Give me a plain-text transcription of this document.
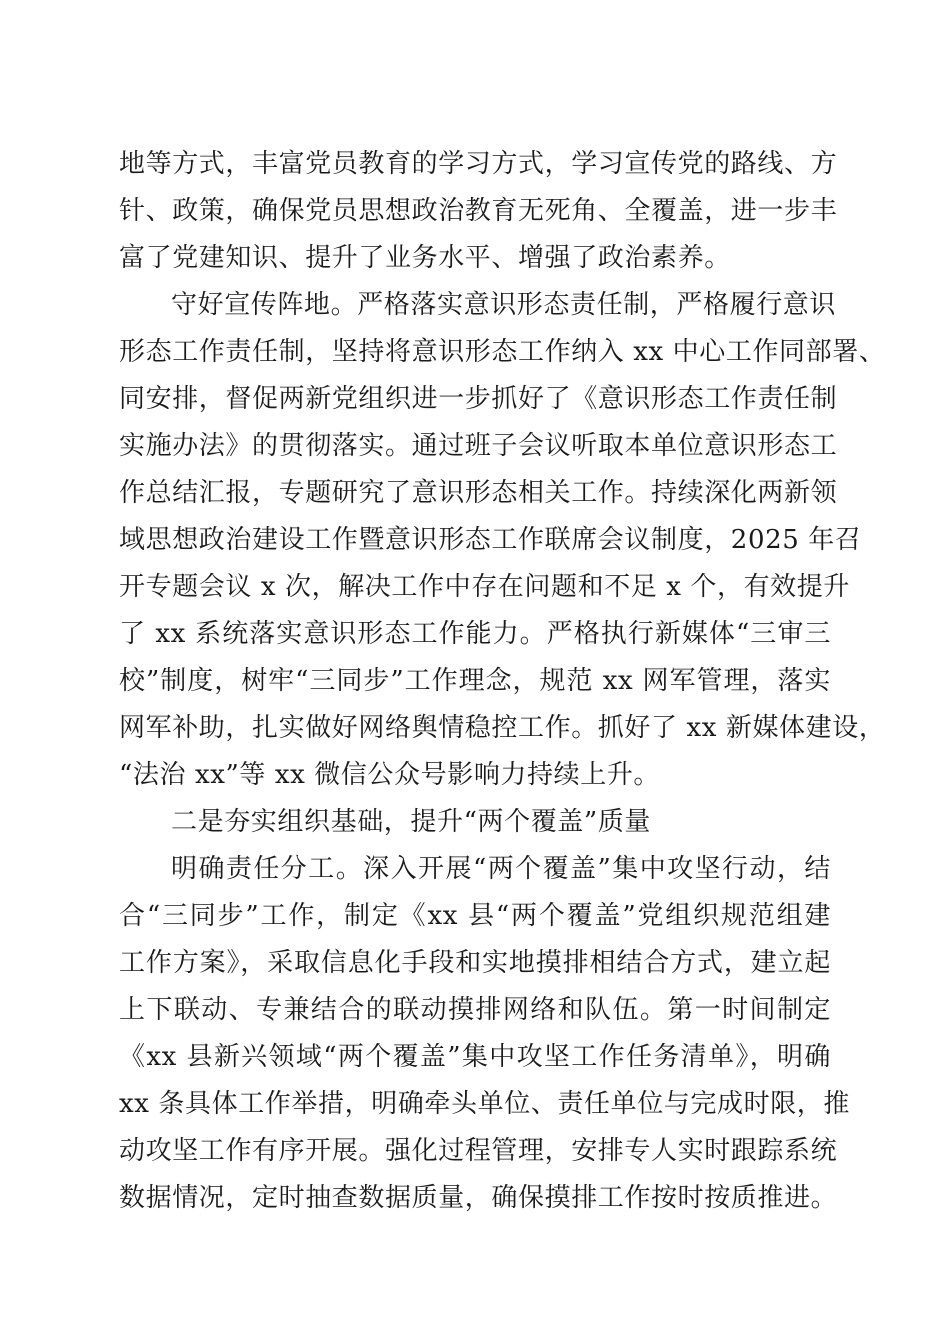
地等方式，丰富党员教育的学习方式，学习宣传党的路线、方
针、政策，确保党员思想政治教育无死角、全覆盖，进一步丰
富了党建知识、提升了业务水平、增强了政治素养。
守好宣传阵地。严格落实意识形态责任制，严格履行意识
形态工作责任制，坚持将意识形态工作纳入 xx 中心工作同部署、
同安排，督促两新党组织进一步抓好了《意识形态工作责任制
实施办法》的贯彻落实。通过班子会议听取本单位意识形态工
作总结汇报，专题研究了意识形态相关工作。持续深化两新领
域思想政治建设工作暨意识形态工作联席会议制度，2025 年召
开专题会议 x 次，解决工作中存在问题和不足 x 个，有效提升
了 xx 系统落实意识形态工作能力。严格执行新媒体“三审三
校”制度，树牢“三同步”工作理念，规范 xx 网军管理，落实
网军补助，扎实做好网络舆情稳控工作。抓好了 xx 新媒体建设，
“法治 xx”等 xx 微信公众号影响力持续上升。
二是夯实组织基础，提升“两个覆盖”质量
明确责任分工。深入开展“两个覆盖”集中攻坚行动，结
合“三同步”工作，制定《xx 县“两个覆盖”党组织规范组建
工作方案》，采取信息化手段和实地摸排相结合方式，建立起
上下联动、专兼结合的联动摸排网络和队伍。第一时间制定
《xx 县新兴领域“两个覆盖”集中攻坚工作任务清单》，明确
xx 条具体工作举措，明确牵头单位、责任单位与完成时限，推
动攻坚工作有序开展。强化过程管理，安排专人实时跟踪系统
数据情况，定时抽查数据质量，确保摸排工作按时按质推进。
